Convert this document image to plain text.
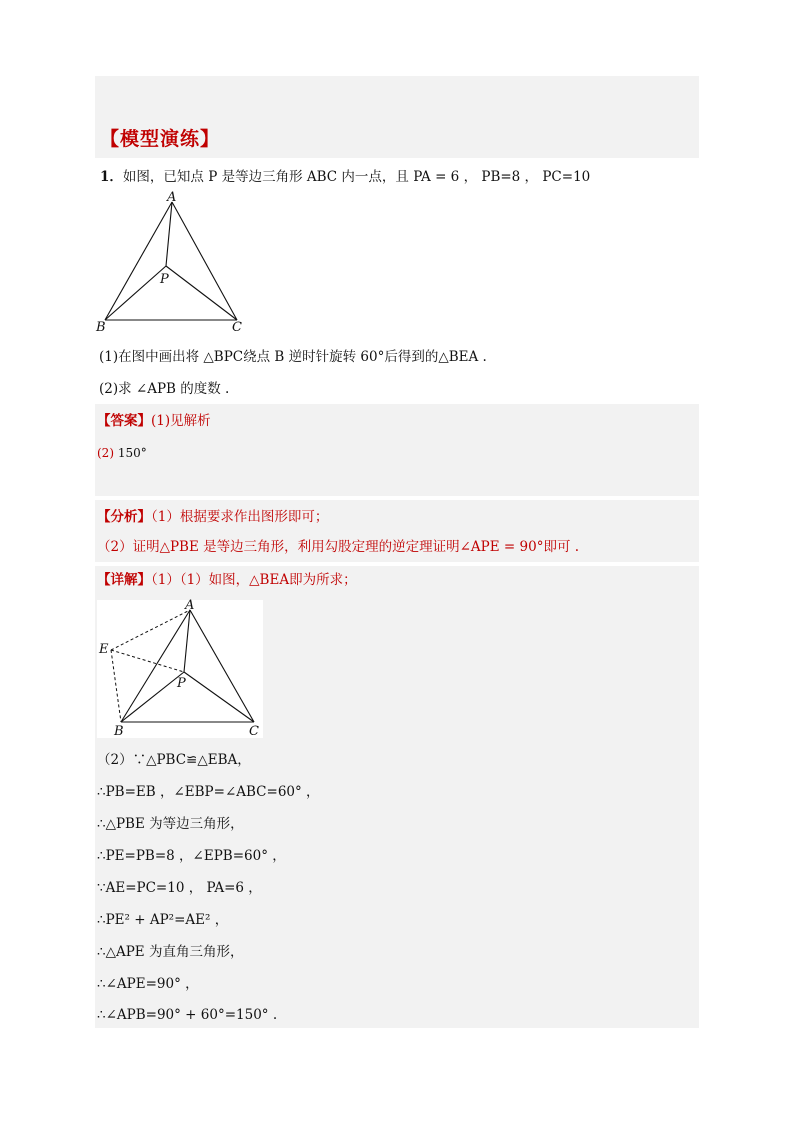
【模型演练】
1．如图，已知点 P 是等边三角形 ABC 内一点，且 PA = 6 ， PB=8 ， PC=10
A
B	C
P
(1)在图中画出将 △BPC绕点 B 逆时针旋转 60°后得到的△BEA .
(2)求 ∠APB 的度数 .
【答案】(1)见解析
(2) 150°
【分析】（1）根据要求作出图形即可；
（2）证明△PBE 是等边三角形，利用勾股定理的逆定理证明∠APE = 90°即可 .
【详解】（1）（1）如图，△BEA即为所求；
A
E
P
B	C
（2）∵△PBC≌△EBA，
∴PB=EB ，∠EBP=∠ABC=60° ，
∴△PBE 为等边三角形，
∴PE=PB=8 ，∠EPB=60° ，
∵AE=PC=10 ， PA=6 ，
∴PE² + AP²=AE² ，
∴△APE 为直角三角形，
∴∠APE=90° ，
∴∠APB=90° + 60°=150° .
